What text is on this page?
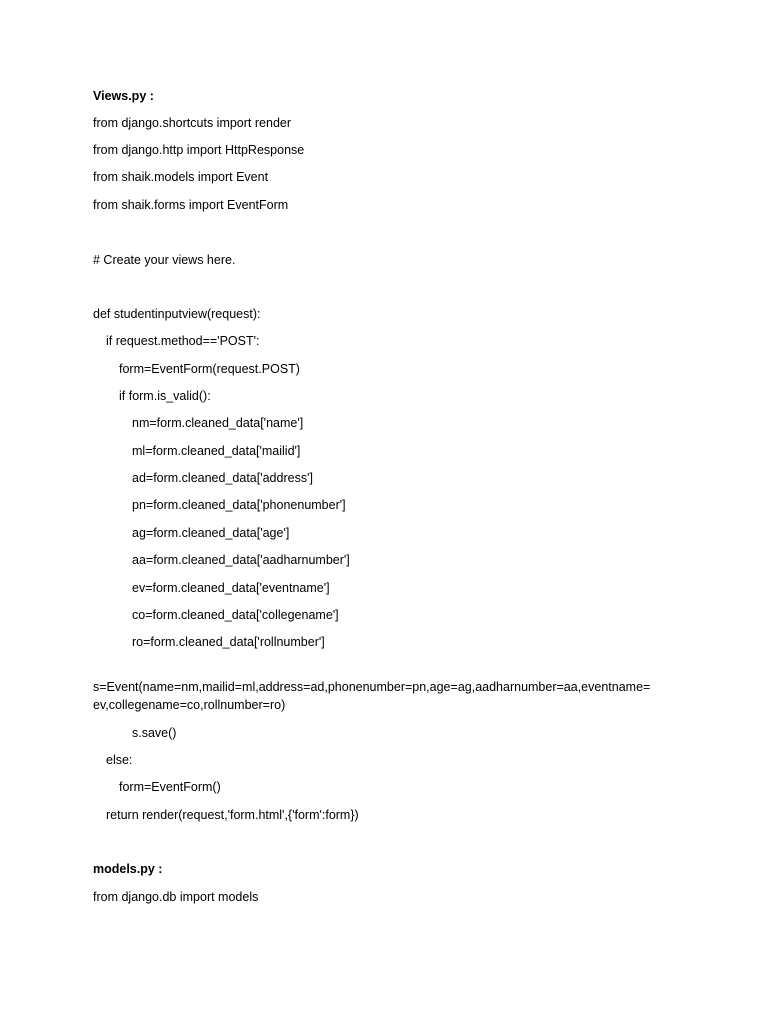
Views.py :
from django.shortcuts import render
from django.http import HttpResponse
from shaik.models import Event
from shaik.forms import EventForm
# Create your views here.
def studentinputview(request):
if request.method=='POST':
form=EventForm(request.POST)
if form.is_valid():
nm=form.cleaned_data['name']
ml=form.cleaned_data['mailid']
ad=form.cleaned_data['address']
pn=form.cleaned_data['phonenumber']
ag=form.cleaned_data['age']
aa=form.cleaned_data['aadharnumber']
ev=form.cleaned_data['eventname']
co=form.cleaned_data['collegename']
ro=form.cleaned_data['rollnumber']
s=Event(name=nm,mailid=ml,address=ad,phonenumber=pn,age=ag,aadharnumber=aa,eventname=
ev,collegename=co,rollnumber=ro)
s.save()
else:
form=EventForm()
return render(request,'form.html',{'form':form})
models.py :
from django.db import models
